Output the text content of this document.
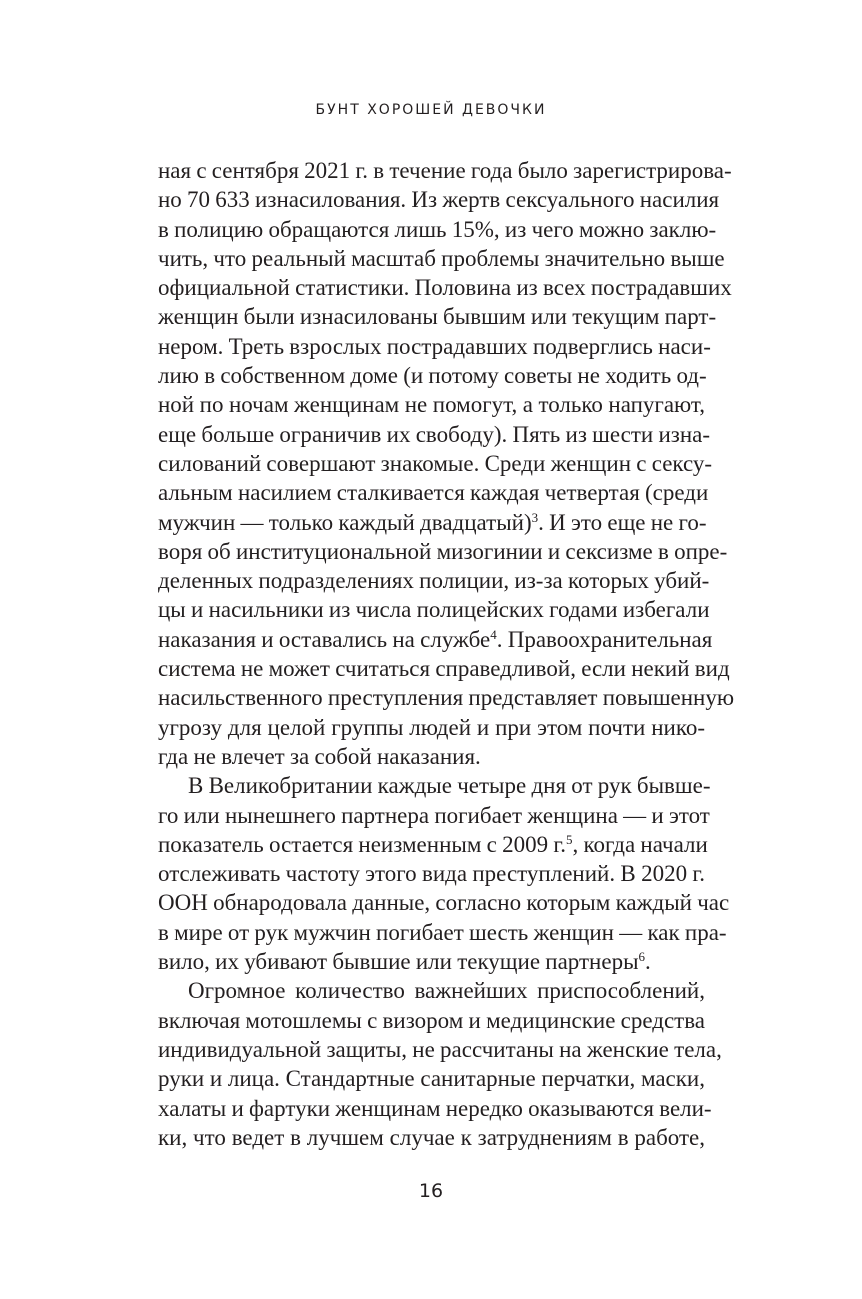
БУНТ ХОРОШЕЙ ДЕВОЧКИ
ная с сентября 2021 г. в течение года было зарегистрирова-
но 70 633 изнасилования. Из жертв сексуального насилия
в полицию обращаются лишь 15%, из чего можно заклю-
чить, что реальный масштаб проблемы значительно выше
официальной статистики. Половина из всех пострадавших
женщин были изнасилованы бывшим или текущим парт-
нером. Треть взрослых пострадавших подверглись наси-
лию в собственном доме (и потому советы не ходить од-
ной по ночам женщинам не помогут, а только напугают,
еще больше ограничив их свободу). Пять из шести изна-
силований совершают знакомые. Среди женщин с сексу-
альным насилием сталкивается каждая четвертая (среди
мужчин — только каждый двадцатый)$^3$. И это еще не го-
воря об институциональной мизогинии и сексизме в опре-
деленных подразделениях полиции, из-за которых убий-
цы и насильники из числа полицейских годами избегали
наказания и оставались на службе$^4$. Правоохранительная
система не может считаться справедливой, если некий вид
насильственного преступления представляет повышенную
угрозу для целой группы людей и при этом почти нико-
гда не влечет за собой наказания.
В Великобритании каждые четыре дня от рук бывше-
го или нынешнего партнера погибает женщина — и этот
показатель остается неизменным с 2009 г.$^5$, когда начали
отслеживать частоту этого вида преступлений. В 2020 г.
ООН обнародовала данные, согласно которым каждый час
в мире от рук мужчин погибает шесть женщин — как пра-
вило, их убивают бывшие или текущие партнеры$^6$.
Огромное количество важнейших приспособлений,
включая мотошлемы с визором и медицинские средства
индивидуальной защиты, не рассчитаны на женские тела,
руки и лица. Стандартные санитарные перчатки, маски,
халаты и фартуки женщинам нередко оказываются вели-
ки, что ведет в лучшем случае к затруднениям в работе,
16
